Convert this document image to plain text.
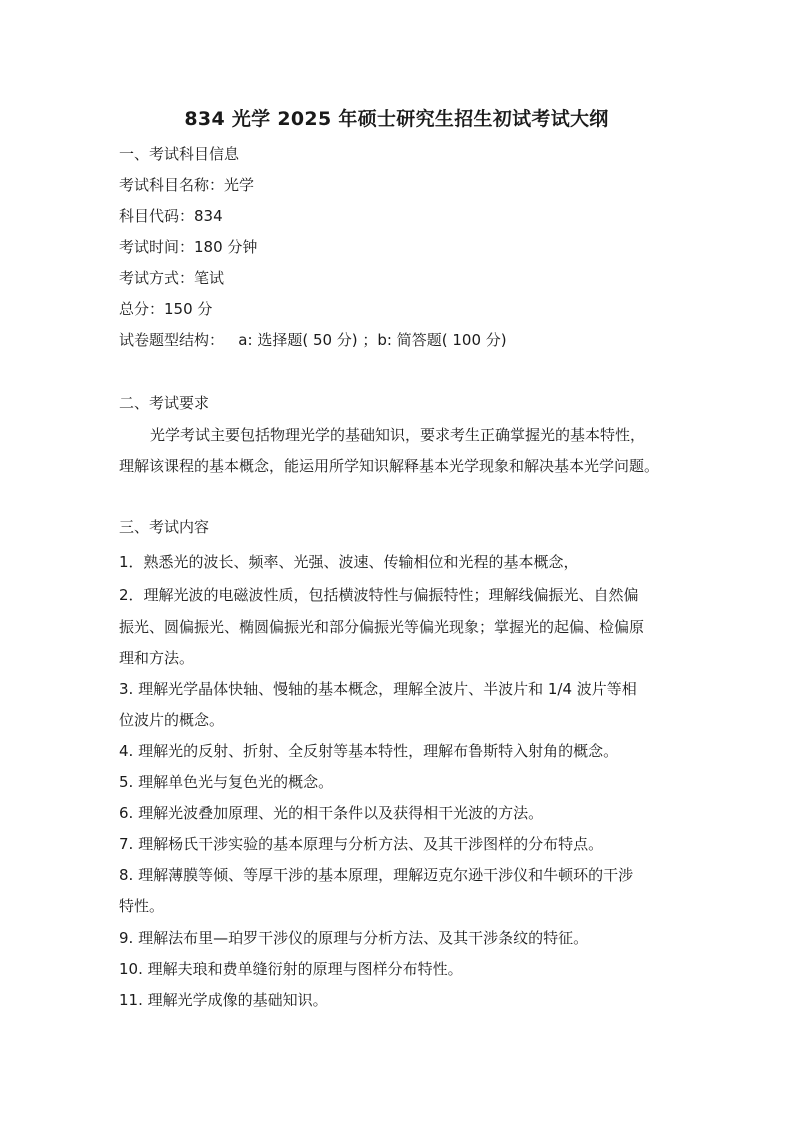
834 光学 2025 年硕士研究生招生初试考试大纲
一、考试科目信息
考试科目名称：光学
科目代码：834
考试时间：180 分钟
考试方式：笔试
总分：150 分
试卷题型结构：   a: 选择题( 50 分) ；b: 简答题( 100 分)
二、考试要求
光学考试主要包括物理光学的基础知识，要求考生正确掌握光的基本特性，
理解该课程的基本概念，能运用所学知识解释基本光学现象和解决基本光学问题。
三、考试内容
1．熟悉光的波长、频率、光强、波速、传输相位和光程的基本概念，
2．理解光波的电磁波性质，包括横波特性与偏振特性；理解线偏振光、自然偏
振光、圆偏振光、椭圆偏振光和部分偏振光等偏光现象；掌握光的起偏、检偏原
理和方法。
3. 理解光学晶体快轴、慢轴的基本概念，理解全波片、半波片和 1/4 波片等相
位波片的概念。
4. 理解光的反射、折射、全反射等基本特性，理解布鲁斯特入射角的概念。
5. 理解单色光与复色光的概念。
6. 理解光波叠加原理、光的相干条件以及获得相干光波的方法。
7. 理解杨氏干涉实验的基本原理与分析方法、及其干涉图样的分布特点。
8. 理解薄膜等倾、等厚干涉的基本原理，理解迈克尔逊干涉仪和牛顿环的干涉
特性。
9. 理解法布里—珀罗干涉仪的原理与分析方法、及其干涉条纹的特征。
10. 理解夫琅和费单缝衍射的原理与图样分布特性。
11. 理解光学成像的基础知识。
